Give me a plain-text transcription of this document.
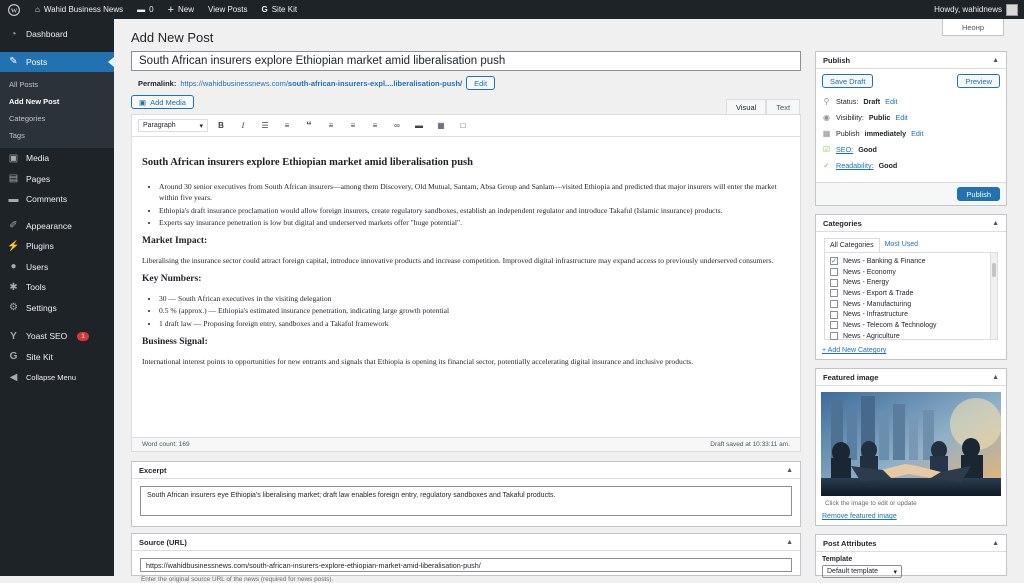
W ⌂ Wahid Business News ▬ 0 + New View Posts G Site Kit	Howdy, wahidnews
◔ Dashboard
✎ Posts
All Posts
Add New Post
Categories
Tags
▣ Media
▤ Pages
▬ Comments
✐ Appearance
⚡ Plugins
● Users
✱ Tools
⚙ Settings
Y Yoast SEO	1
G Site Kit
◀ Collapse Menu
Add New Post
Неонр
South African insurers explore Ethiopian market amid liberalisation push
Permalink: https://wahidbusinessnews.com/south-african-insurers-expl....liberalisation-push/	Edit
▣ Add Media
Visual	Text
Paragraph	▾	B	I	☰	≡	“	≡	≡	≡	∞	▬	▦	□
South African insurers explore Ethiopian market amid liberalisation push
• Around 30 senior executives from South African insurers—among them Discovery, Old Mutual, Santam, Absa Group and Sanlam—visited Ethiopia and predicted that major insurers will enter the market within five years.
• Ethiopia's draft insurance proclamation would allow foreign insurers, create regulatory sandboxes, establish an independent regulator and introduce Takaful (Islamic insurance) products.
• Experts say insurance penetration is low but digital and underserved markets offer "huge potential".
Market Impact:

Liberalising the insurance sector could attract foreign capital, introduce innovative products and increase competition. Improved digital infrastructure may expand access to previously underserved consumers.

Key Numbers:
• 30 — South African executives in the visiting delegation
• 0.5 % (approx.) — Ethiopia's estimated insurance penetration, indicating large growth potential
• 1 draft law — Proposing foreign entry, sandboxes and a Takaful framework
Business Signal:

International interest points to opportunities for new entrants and signals that Ethiopia is opening its financial sector, potentially accelerating digital insurance and inclusive products.

Word count: 169	Draft saved at 10:33:11 am.
Excerpt	▲
South African insurers eye Ethiopia's liberalising market; draft law enables foreign entry, regulatory sandboxes and Takaful products.
Source (URL)	▲
https://wahidbusinessnews.com/south-african-insurers-explore-ethiopian-market-amid-liberalisation-push/
Enter the original source URL of the news (required for news posts).
Publish	▲
Save Draft	Preview
⚲ Status: Draft Edit
◉ Visibility: Public Edit
▦ Publish immediately Edit
☑ SEO: Good
✓ Readability: Good
Publish
Categories	▲
All Categories	Most Used
✓ News - Banking & Finance
News - Economy
News - Energy
News - Export & Trade
News - Manufacturing
News - Infrastructure
News - Telecom & Technology
News - Agriculture
+ Add New Category
Featured image	▲
Click the image to edit or update
Remove featured image
Post Attributes	▲
Template
Default template ▾
